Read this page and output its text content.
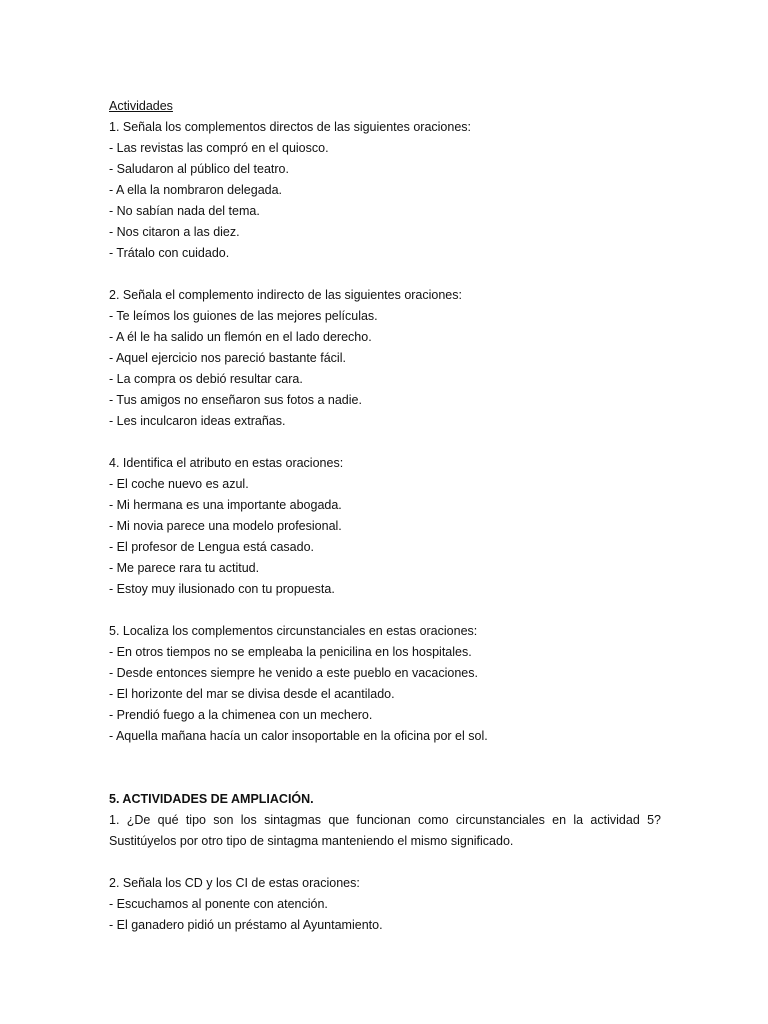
Actividades
1. Señala los complementos directos de las siguientes oraciones:
- Las revistas las compró en el quiosco.
- Saludaron al público del teatro.
- A ella la nombraron delegada.
- No sabían nada del tema.
- Nos citaron a las diez.
- Trátalo con cuidado.
2. Señala el complemento indirecto de las siguientes oraciones:
- Te leímos los guiones de las mejores películas.
- A él le ha salido un flemón en el lado derecho.
- Aquel ejercicio nos pareció bastante fácil.
- La compra os debió resultar cara.
- Tus amigos no enseñaron sus fotos a nadie.
- Les inculcaron ideas extrañas.
4. Identifica el atributo en estas oraciones:
- El coche nuevo es azul.
- Mi hermana es una importante abogada.
- Mi novia parece una modelo profesional.
- El profesor de Lengua está casado.
- Me parece rara tu actitud.
- Estoy muy ilusionado con tu propuesta.
5. Localiza los complementos circunstanciales en estas oraciones:
- En otros tiempos no se empleaba la penicilina en los hospitales.
- Desde entonces siempre he venido a este pueblo en vacaciones.
- El horizonte del mar se divisa desde el acantilado.
- Prendió fuego a la chimenea con un mechero.
- Aquella mañana hacía un calor insoportable en la oficina por el sol.
5. ACTIVIDADES DE AMPLIACIÓN.
1. ¿De qué tipo son los sintagmas que funcionan como circunstanciales en la actividad 5? Sustitúyelos por otro tipo de sintagma manteniendo el mismo significado.
2. Señala los CD y los CI de estas oraciones:
- Escuchamos al ponente con atención.
- El ganadero pidió un préstamo al Ayuntamiento.
